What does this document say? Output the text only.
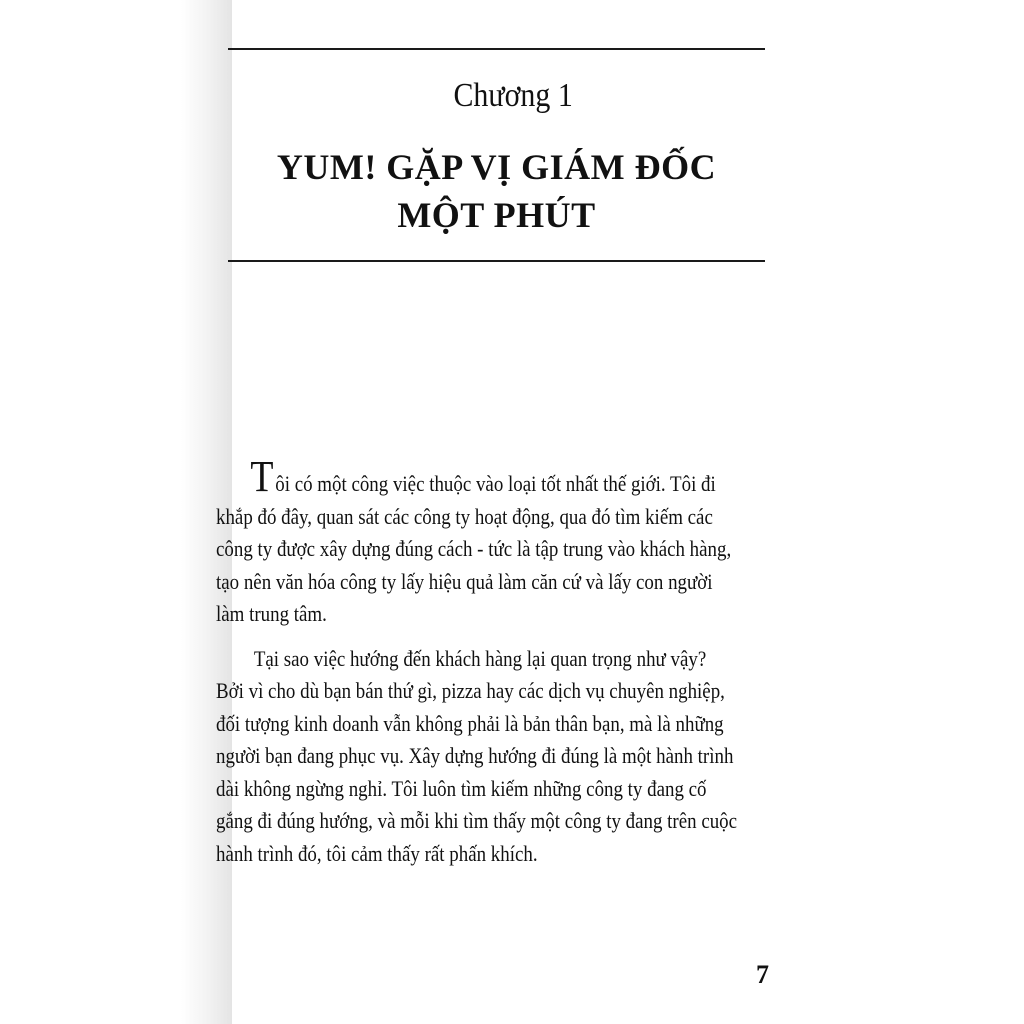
Chương 1
YUM! GẶP VỊ GIÁM ĐỐC
MỘT PHÚT
Tôi có một công việc thuộc vào loại tốt nhất thế giới. Tôi đi
khắp đó đây, quan sát các công ty hoạt động, qua đó tìm kiếm các
công ty được xây dựng đúng cách - tức là tập trung vào khách hàng,
tạo nên văn hóa công ty lấy hiệu quả làm căn cứ và lấy con người
làm trung tâm.
Tại sao việc hướng đến khách hàng lại quan trọng như vậy?
Bởi vì cho dù bạn bán thứ gì, pizza hay các dịch vụ chuyên nghiệp,
đối tượng kinh doanh vẫn không phải là bản thân bạn, mà là những
người bạn đang phục vụ. Xây dựng hướng đi đúng là một hành trình
dài không ngừng nghỉ. Tôi luôn tìm kiếm những công ty đang cố
gắng đi đúng hướng, và mỗi khi tìm thấy một công ty đang trên cuộc
hành trình đó, tôi cảm thấy rất phấn khích.
7
